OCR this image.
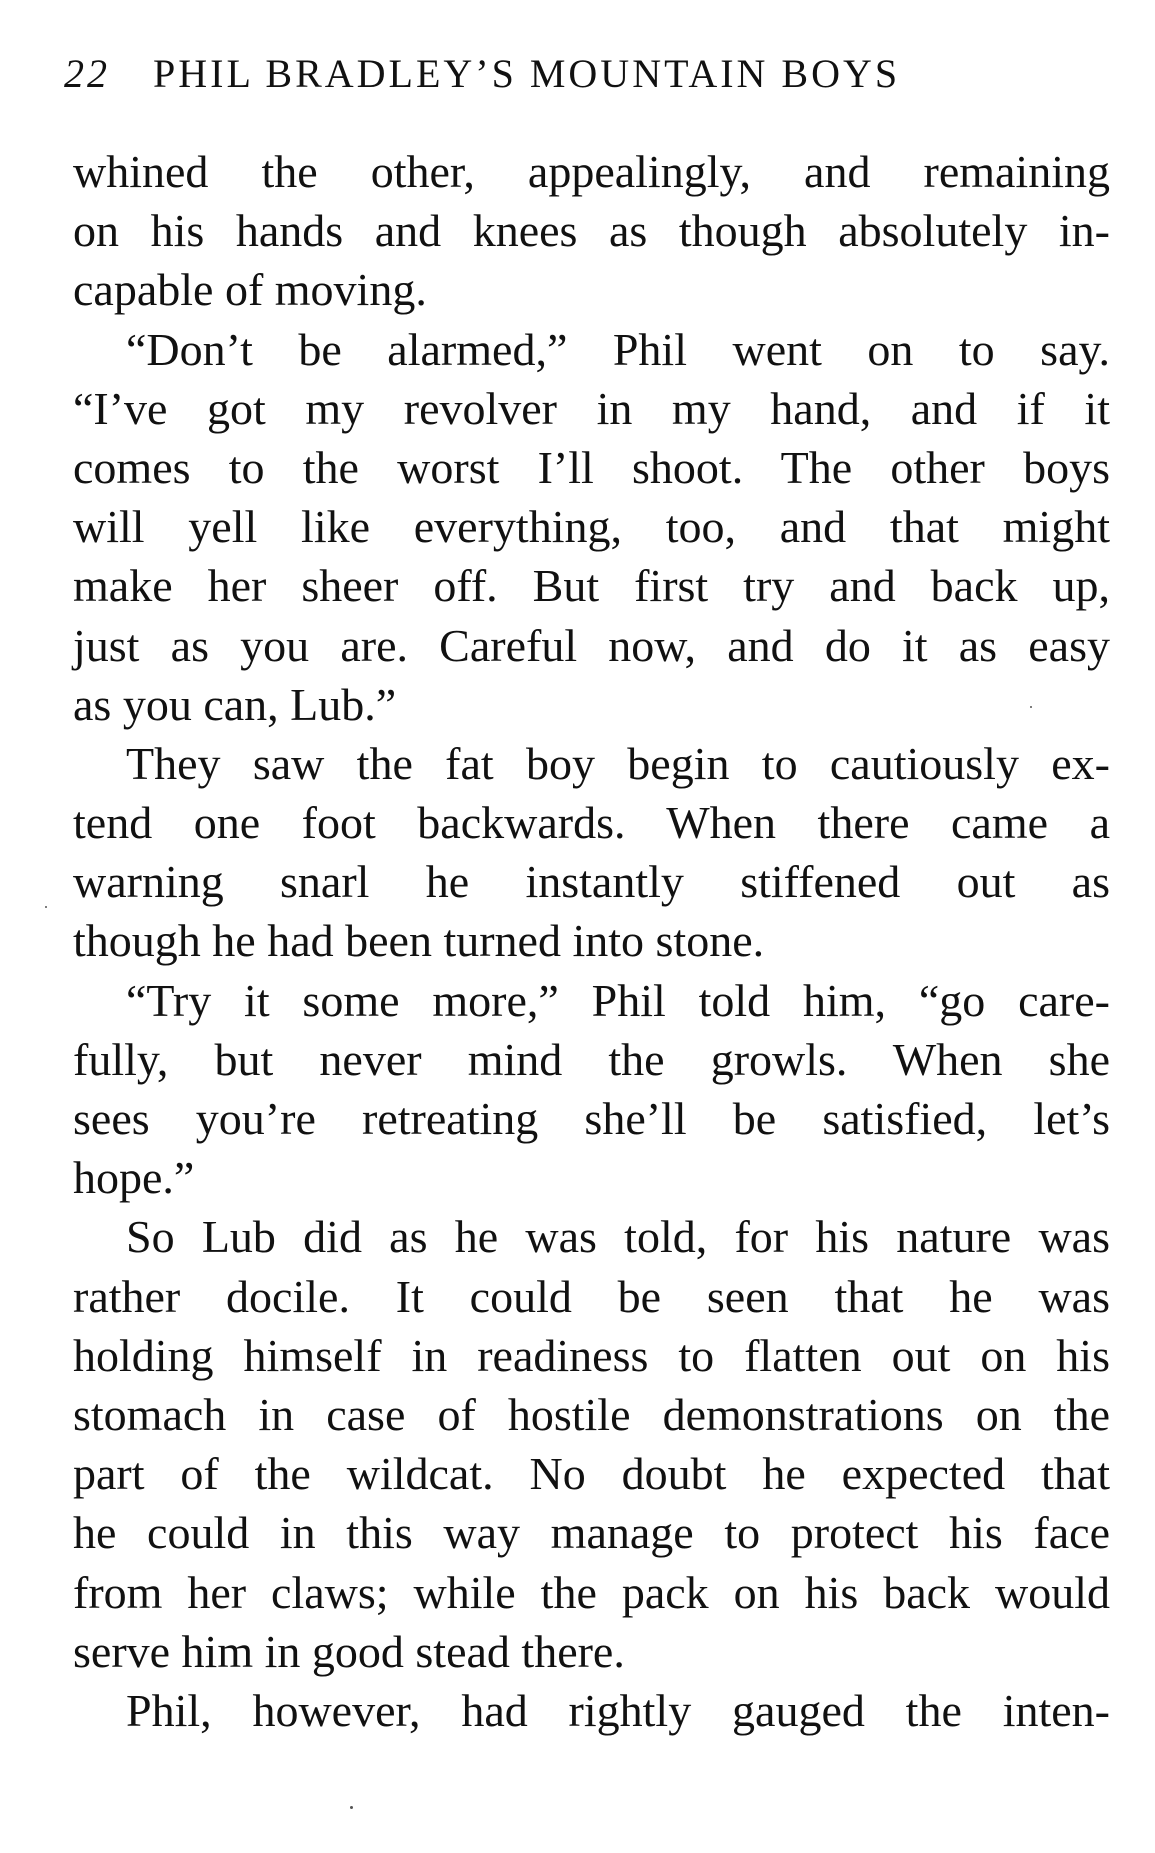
22 PHIL BRADLEY’S MOUNTAIN BOYS
whined the other, appealingly, and remaining
on his hands and knees as though absolutely in-
capable of moving.
“Don’t be alarmed,” Phil went on to say.
“I’ve got my revolver in my hand, and if it
comes to the worst I’ll shoot. The other boys
will yell like everything, too, and that might
make her sheer off. But first try and back up,
just as you are. Careful now, and do it as easy
as you can, Lub.”
They saw the fat boy begin to cautiously ex-
tend one foot backwards. When there came a
warning snarl he instantly stiffened out as
though he had been turned into stone.
“Try it some more,” Phil told him, “go care-
fully, but never mind the growls. When she
sees you’re retreating she’ll be satisfied, let’s
hope.”
So Lub did as he was told, for his nature was
rather docile. It could be seen that he was
holding himself in readiness to flatten out on his
stomach in case of hostile demonstrations on the
part of the wildcat. No doubt he expected that
he could in this way manage to protect his face
from her claws; while the pack on his back would
serve him in good stead there.
Phil, however, had rightly gauged the inten-
